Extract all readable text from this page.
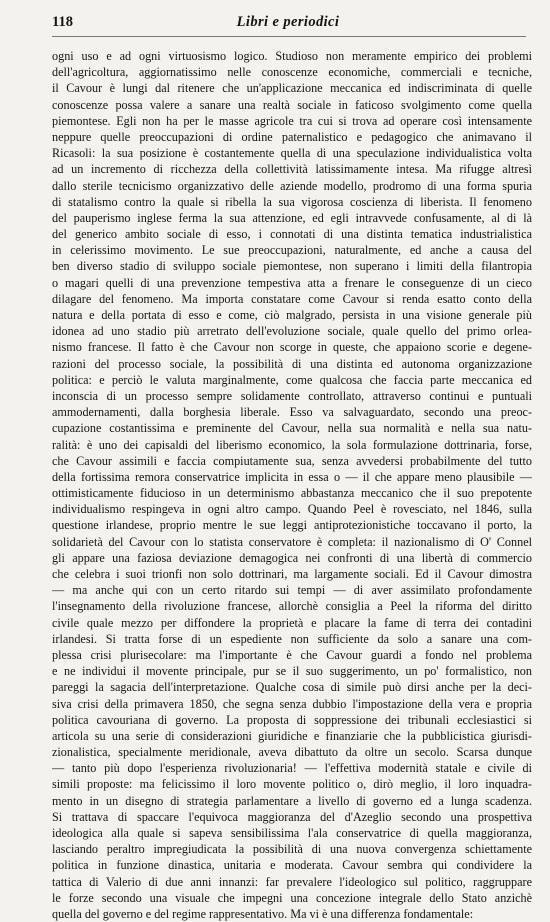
118	Libri e periodici
ogni uso e ad ogni virtuosismo logico. Studioso non meramente empirico dei problemi
dell'agricoltura, aggiornatissimo nelle conoscenze economiche, commerciali e tecniche,
il Cavour è lungi dal ritenere che un'applicazione meccanica ed indiscriminata di quelle
conoscenze possa valere a sanare una realtà sociale in faticoso svolgimento come quella
piemontese. Egli non ha per le masse agricole tra cui si trova ad operare così intensamente
neppure quelle preoccupazioni di ordine paternalistico e pedagogico che animavano il
Ricasoli: la sua posizione è costantemente quella di una speculazione individualistica volta
ad un incremento di ricchezza della collettività latissimamente intesa. Ma rifugge altresì
dallo sterile tecnicismo organizzativo delle aziende modello, prodromo di una forma spuria
di statalismo contro la quale si ribella la sua vigorosa coscienza di liberista. Il fenomeno
del pauperismo inglese ferma la sua attenzione, ed egli intravvede confusamente, al di là
del generico ambito sociale di esso, i connotati di una distinta tematica industrialistica
in celerissimo movimento. Le sue preoccupazioni, naturalmente, ed anche a causa del
ben diverso stadio di sviluppo sociale piemontese, non superano i limiti della filantropia
o magari quelli di una prevenzione tempestiva atta a frenare le conseguenze di un cieco
dilagare del fenomeno. Ma importa constatare come Cavour si renda esatto conto della
natura e della portata di esso e come, ciò malgrado, persista in una visione generale più
idonea ad uno stadio più arretrato dell'evoluzione sociale, quale quello del primo orlea-
nismo francese. Il fatto è che Cavour non scorge in queste, che appaiono scorie e degene-
razioni del processo sociale, la possibilità di una distinta ed autonoma organizzazione
politica: e perciò le valuta marginalmente, come qualcosa che faccia parte meccanica ed
inconscia di un processo sempre solidamente controllato, attraverso continui e puntuali
ammodernamenti, dalla borghesia liberale. Esso va salvaguardato, secondo una preoc-
cupazione costantissima e preminente del Cavour, nella sua normalità e nella sua natu-
ralità: è uno dei capisaldi del liberismo economico, la sola formulazione dottrinaria, forse,
che Cavour assimili e faccia compiutamente sua, senza avvedersi probabilmente del tutto
della fortissima remora conservatrice implicita in essa o — il che appare meno plausibile —
ottimisticamente fiducioso in un determinismo abbastanza meccanico che il suo prepotente
individualismo respingeva in ogni altro campo. Quando Peel è rovesciato, nel 1846, sulla
questione irlandese, proprio mentre le sue leggi antiprotezionistiche toccavano il porto, la
solidarietà del Cavour con lo statista conservatore è completa: il nazionalismo di O' Connel
gli appare una faziosa deviazione demagogica nei confronti di una libertà di commercio
che celebra i suoi trionfi non solo dottrinari, ma largamente sociali. Ed il Cavour dimostra
— ma anche qui con un certo ritardo sui tempi — di aver assimilato profondamente
l'insegnamento della rivoluzione francese, allorchè consiglia a Peel la riforma del diritto
civile quale mezzo per diffondere la proprietà e placare la fame di terra dei contadini
irlandesi. Si tratta forse di un espediente non sufficiente da solo a sanare una com-
plessa crisi plurisecolare: ma l'importante è che Cavour guardi a fondo nel problema
e ne individui il movente principale, pur se il suo suggerimento, un po' formalistico, non
pareggi la sagacia dell'interpretazione. Qualche cosa di simile può dirsi anche per la deci-
siva crisi della primavera 1850, che segna senza dubbio l'impostazione della vera e propria
politica cavouriana di governo. La proposta di soppressione dei tribunali ecclesiastici si
articola su una serie di considerazioni giuridiche e finanziarie che la pubblicistica giurisdi-
zionalistica, specialmente meridionale, aveva dibattuto da oltre un secolo. Scarsa dunque
— tanto più dopo l'esperienza rivoluzionaria! — l'effettiva modernità statale e civile di
simili proposte: ma felicissimo il loro movente politico o, dirò meglio, il loro inquadra-
mento in un disegno di strategia parlamentare a livello di governo ed a lunga scadenza.
Si trattava di spaccare l'equivoca maggioranza del d'Azeglio secondo una prospettiva
ideologica alla quale si sapeva sensibilissima l'ala conservatrice di quella maggioranza,
lasciando peraltro impregiudicata la possibilità di una nuova convergenza schiettamente
politica in funzione dinastica, unitaria e moderata. Cavour sembra qui condividere la
tattica di Valerio di due anni innanzi: far prevalere l'ideologico sul politico, raggruppare
le forze secondo una visuale che impegni una concezione integrale dello Stato anzichè
quella del governo e del regime rappresentativo. Ma vi è una differenza fondamentale:
